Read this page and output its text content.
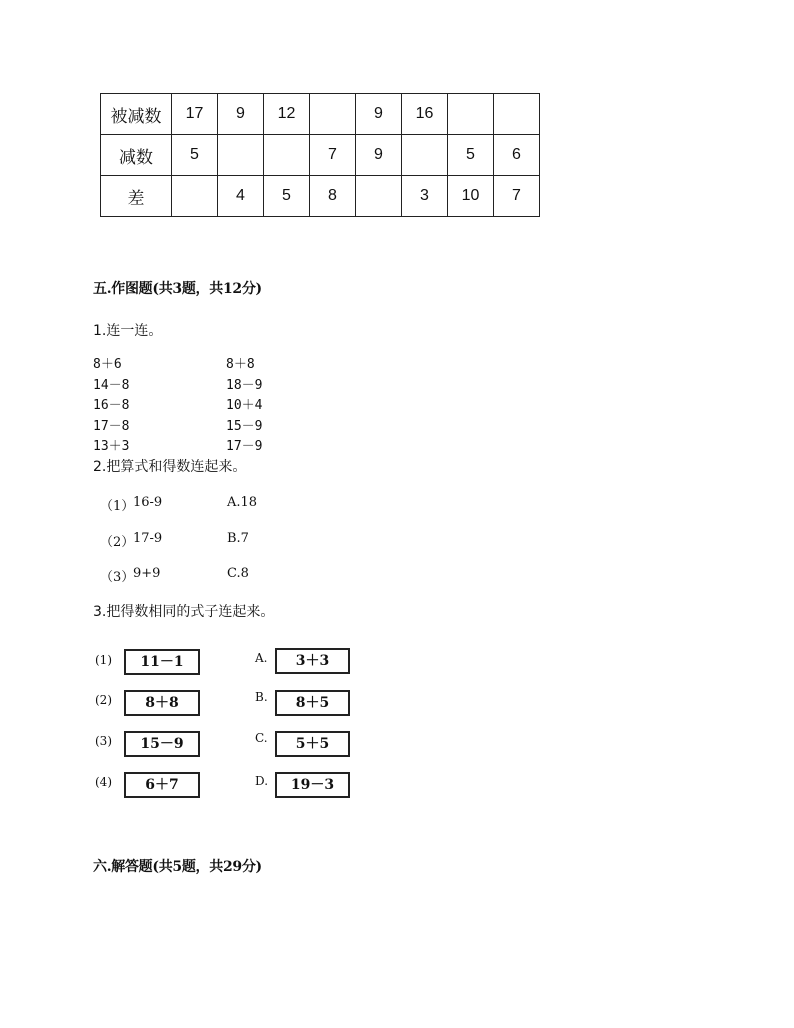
被减数	17	9	12		9	16		
减数	5			7	9		5	6
差		4	5	8		3	10	7
五.作图题(共3题，共12分)
1.连一连。
8＋6
14－8
16－8
17－8
13＋3
8＋8
18－9
10＋4
15－9
17－9
2.把算式和得数连起来。
（1）
16-9	A.18
（2）
17-9	B.7
（3）
9+9	C.8
3.把得数相同的式子连起来。
(1)	11－1
(2)	8＋8
(3)	15－9
(4)	6＋7
A.	3＋3
B.	8＋5
C.	5＋5
D.	19－3
六.解答题(共5题，共29分)
